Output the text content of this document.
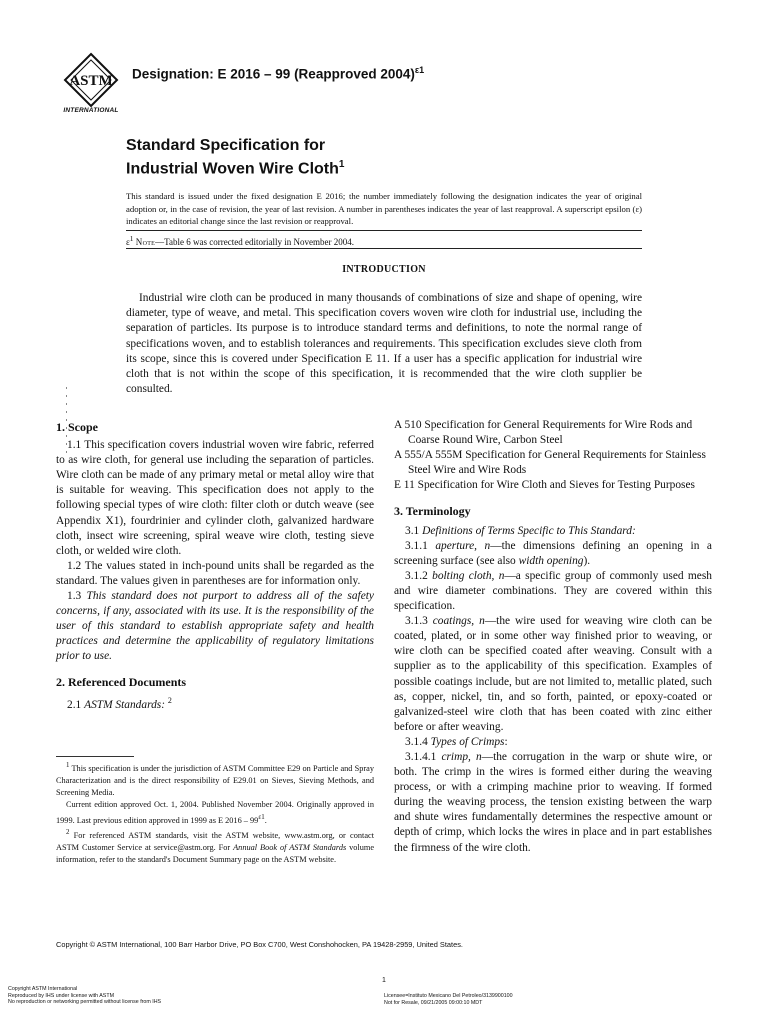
ASTM
INTERNATIONAL
Designation: E 2016 – 99 (Reapproved 2004)$^{\varepsilon 1}$
Standard Specification for
Industrial Woven Wire Cloth$^1$
This standard is issued under the fixed designation E 2016; the number immediately following the designation indicates the year of original adoption or, in the case of revision, the year of last revision. A number in parentheses indicates the year of last reapproval. A superscript epsilon (ε) indicates an editorial change since the last revision or reapproval.
$\varepsilon^1$ Note—Table 6 was corrected editorially in November 2004.
INTRODUCTION
Industrial wire cloth can be produced in many thousands of combinations of size and shape of opening, wire diameter, type of weave, and metal. This specification covers woven wire cloth for industrial use, including the separation of particles. Its purpose is to introduce standard terms and definitions, to note the normal range of specifications woven, and to establish tolerances and requirements. This specification excludes sieve cloth from its scope, since this is covered under Specification E 11. If a user has a specific application for industrial wire cloth that is not within the scope of this specification, it is recommended that the wire cloth supplier be consulted.
1. Scope

1.1 This specification covers industrial woven wire fabric, referred to as wire cloth, for general use including the separation of particles. Wire cloth can be made of any primary metal or metal alloy wire that is suitable for weaving. This specification does not apply to the following special types of wire cloth: filter cloth or dutch weave (see Appendix X1), fourdrinier and cylinder cloth, galvanized hardware cloth, insect wire screening, spiral weave wire cloth, testing sieve cloth, or welded wire cloth.

1.2 The values stated in inch-pound units shall be regarded as the standard. The values given in parentheses are for information only.

1.3 This standard does not purport to address all of the safety concerns, if any, associated with its use. It is the responsibility of the user of this standard to establish appropriate safety and health practices and determine the applicability of regulatory limitations prior to use.

2. Referenced Documents

2.1 ASTM Standards: $^2$

$^1$ This specification is under the jurisdiction of ASTM Committee E29 on Particle and Spray Characterization and is the direct responsibility of E29.01 on Sieves, Sieving Methods, and Screening Media.

Current edition approved Oct. 1, 2004. Published November 2004. Originally approved in 1999. Last previous edition approved in 1999 as E $2016 - 99^{\varepsilon 1}$.

$^2$ For referenced ASTM standards, visit the ASTM website, www.astm.org, or contact ASTM Customer Service at service@astm.org. For Annual Book of ASTM Standards volume information, refer to the standard's Document Summary page on the ASTM website.

A 510 Specification for General Requirements for Wire Rods and Coarse Round Wire, Carbon Steel

A 555/A 555M Specification for General Requirements for Stainless Steel Wire and Wire Rods

E 11 Specification for Wire Cloth and Sieves for Testing Purposes

3. Terminology

3.1 Definitions of Terms Specific to This Standard:

3.1.1 aperture, n—the dimensions defining an opening in a screening surface (see also width opening).

3.1.2 bolting cloth, n—a specific group of commonly used mesh and wire diameter combinations. They are covered within this specification.

3.1.3 coatings, n—the wire used for weaving wire cloth can be coated, plated, or in some other way finished prior to weaving, or wire cloth can be specified coated after weaving. Consult with a supplier as to the applicability of this specification. Examples of possible coatings include, but are not limited to, metallic plated, such as, copper, nickel, tin, and so forth, painted, or epoxy-coated or galvanized-steel wire cloth that has been coated with zinc either before or after weaving.

3.1.4 Types of Crimps:

3.1.4.1 crimp, n—the corrugation in the warp or shute wire, or both. The crimp in the wires is formed either during the weaving process, or with a crimping machine prior to weaving. If formed during the weaving process, the tension existing between the warp and shute wires fundamentally determines the respective amount or depth of crimp, which locks the wires in place and in part establishes the firmness of the wire cloth.

Copyright © ASTM International, 100 Barr Harbor Drive, PO Box C700, West Conshohocken, PA 19428-2959, United States.
1
Copyright ASTM International
Reproduced by IHS under license with ASTM
No reproduction or networking permitted without license from IHS
Licensee=Instituto Mexicano Del Petroleo/3139900100
Not for Resale, 09/21/2005 09:00:10 MDT
